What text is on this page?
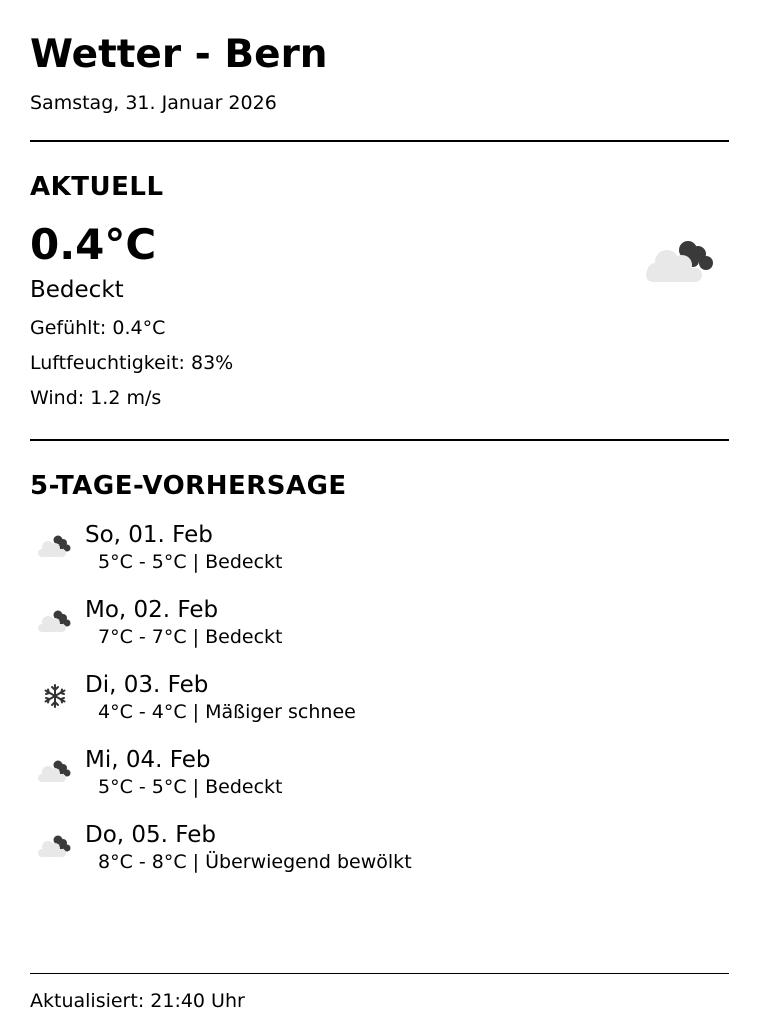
Wetter - Bern
Samstag, 31. Januar 2026
AKTUELL
0.4°C
Bedeckt
Gefühlt: 0.4°C
Luftfeuchtigkeit: 83%
Wind: 1.2 m/s
5-TAGE-VORHERSAGE
So, 01. Feb
5°C - 5°C | Bedeckt
Mo, 02. Feb
7°C - 7°C | Bedeckt
Di, 03. Feb
4°C - 4°C | Mäßiger schnee
Mi, 04. Feb
5°C - 5°C | Bedeckt
Do, 05. Feb
8°C - 8°C | Überwiegend bewölkt
Aktualisiert: 21:40 Uhr
